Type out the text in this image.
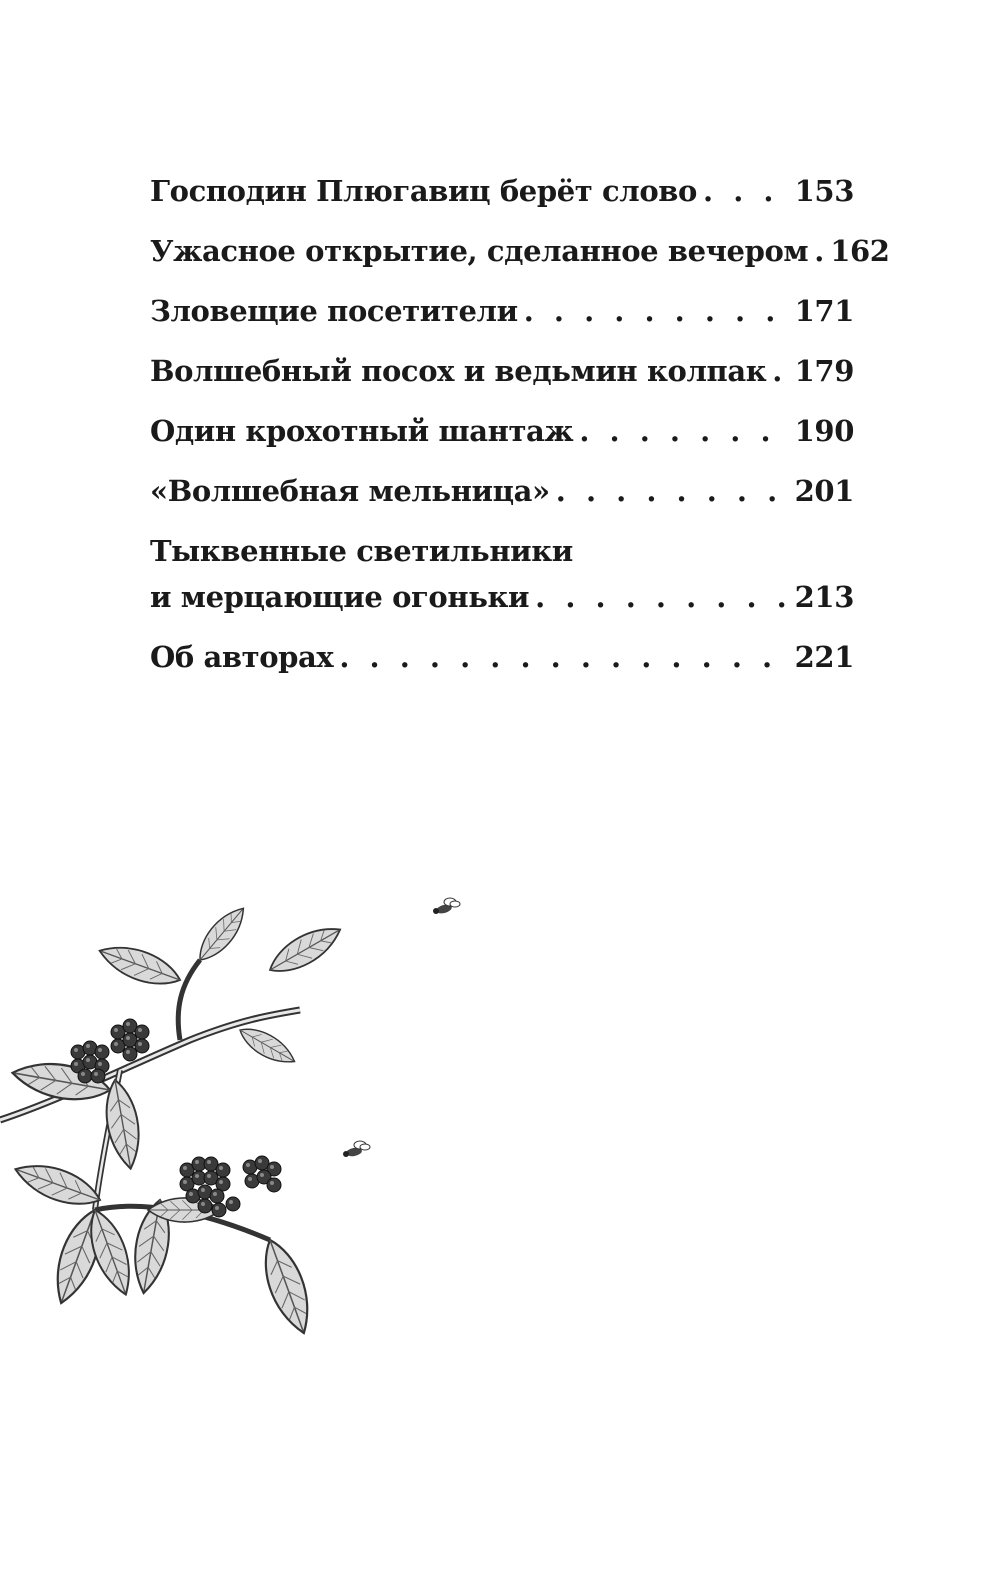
Господин Плюгавиц берёт слово . . .	153
Ужасное открытие, сделанное вечером . . . 162
Зловещие посетители . . .	171
Волшебный посох и ведьмин колпак . . . 179
Один крохотный шантаж . . .	190
«Волшебная мельница» . . .	201
Тыквенные светильники
и мерцающие огоньки . . .	213
Об авторах . . .	221
